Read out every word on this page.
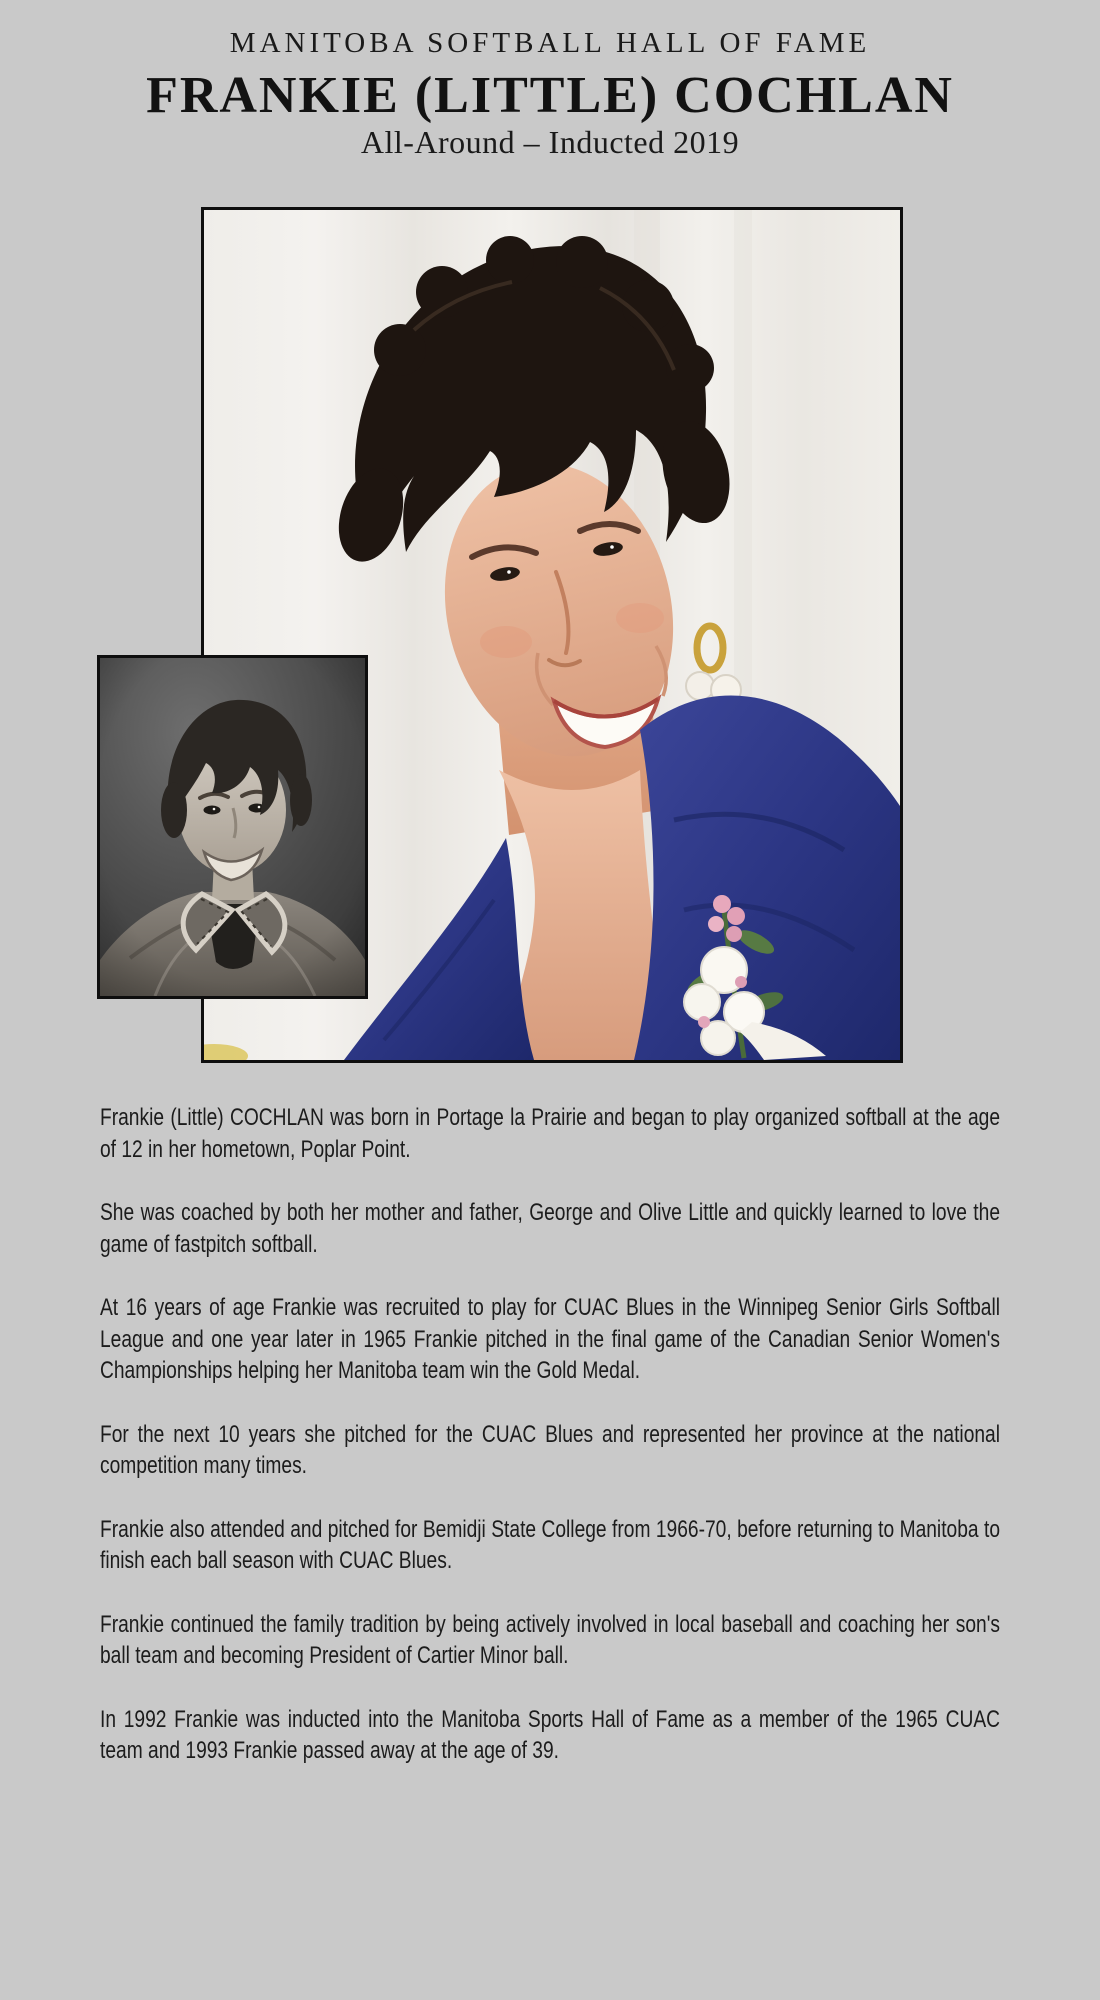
MANITOBA SOFTBALL HALL OF FAME
FRANKIE (LITTLE) COCHLAN
All-Around – Inducted 2019

Frankie (Little) COCHLAN was born in Portage la Prairie and began to play organized softball at the age of 12 in her hometown, Poplar Point.

She was coached by both her mother and father, George and Olive Little and quickly learned to love the game of fastpitch softball.

At 16 years of age Frankie was recruited to play for CUAC Blues in the Winnipeg Senior Girls Softball League and one year later in 1965 Frankie pitched in the final game of the Canadian Senior Women's Championships helping her Manitoba team win the Gold Medal.

For the next 10 years she pitched for the CUAC Blues and represented her province at the national competition many times.

Frankie also attended and pitched for Bemidji State College from 1966-70, before returning to Manitoba to finish each ball season with CUAC Blues.

Frankie continued the family tradition by being actively involved in local baseball and coaching her son's ball team and becoming President of Cartier Minor ball.

In 1992 Frankie was inducted into the Manitoba Sports Hall of Fame as a member of the 1965 CUAC team and 1993 Frankie passed away at the age of 39.
